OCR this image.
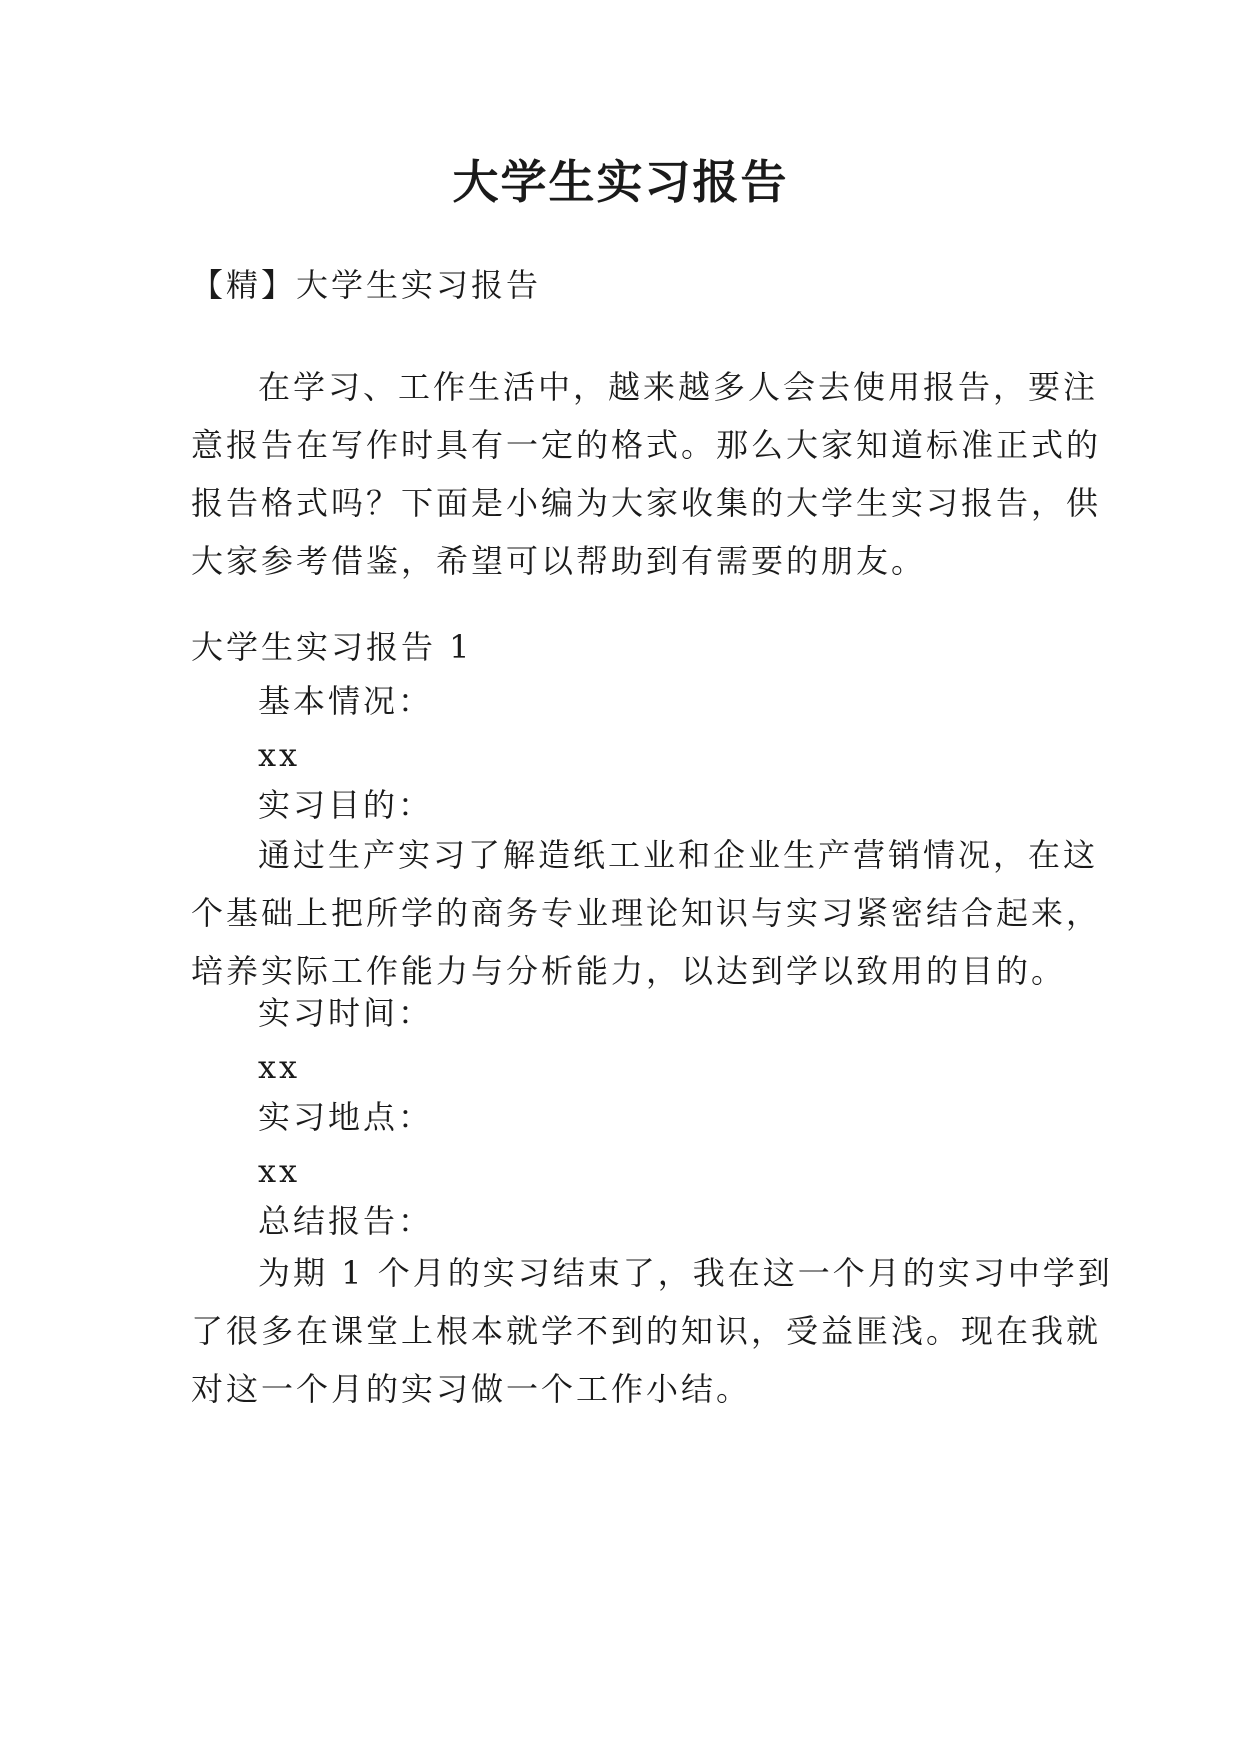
大学生实习报告

【精】大学生实习报告

在学习、工作生活中，越来越多人会去使用报告，要注
意报告在写作时具有一定的格式。那么大家知道标准正式的
报告格式吗？下面是小编为大家收集的大学生实习报告，供
大家参考借鉴，希望可以帮助到有需要的朋友。

大学生实习报告 1

基本情况：

xx

实习目的：

通过生产实习了解造纸工业和企业生产营销情况，在这
个基础上把所学的商务专业理论知识与实习紧密结合起来，
培养实际工作能力与分析能力，以达到学以致用的目的。

实习时间：

xx

实习地点：

xx

总结报告：

为期 1 个月的实习结束了，我在这一个月的实习中学到
了很多在课堂上根本就学不到的知识，受益匪浅。现在我就
对这一个月的实习做一个工作小结。
